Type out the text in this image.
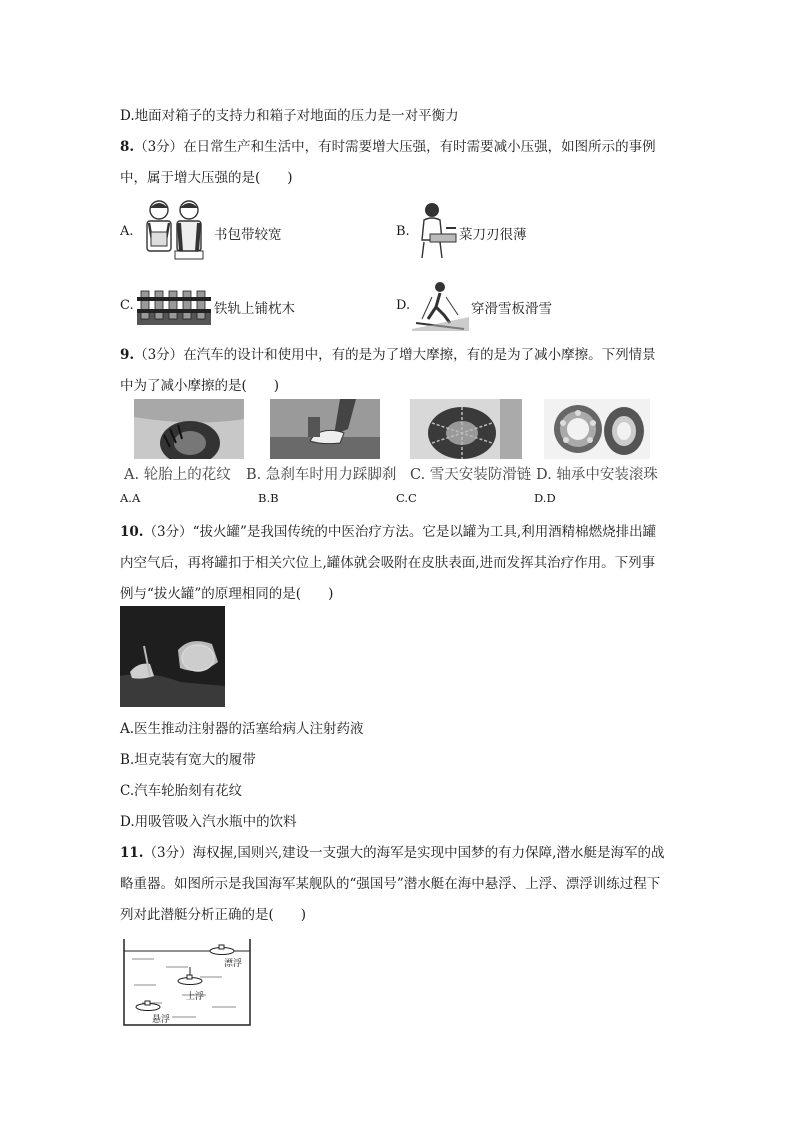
D.地面对箱子的支持力和箱子对地面的压力是一对平衡力
8.（3分）在日常生产和生活中，有时需要增大压强，有时需要减小压强，如图所示的事例
中，属于增大压强的是(　　)
A.	书包带较宽	B.	菜刀刃很薄
C.	铁轨上铺枕木	D.	穿滑雪板滑雪
9.（3分）在汽车的设计和使用中，有的是为了增大摩擦，有的是为了减小摩擦。下列情景
中为了减小摩擦的是(　　)
A. 轮胎上的花纹 B. 急刹车时用力踩脚刹 C. 雪天安装防滑链 D. 轴承中安装滚珠
A.A	B.B	C.C	D.D
10.（3分）“拔火罐”是我国传统的中医治疗方法。它是以罐为工具,利用酒精棉燃烧排出罐
内空气后，再将罐扣于相关穴位上,罐体就会吸附在皮肤表面,进而发挥其治疗作用。下列事
例与“拔火罐”的原理相同的是(　　)
A.医生推动注射器的活塞给病人注射药液
B.坦克装有宽大的履带
C.汽车轮胎刻有花纹
D.用吸管吸入汽水瓶中的饮料
11.（3分）海权握,国则兴,建设一支强大的海军是实现中国梦的有力保障,潜水艇是海军的战
略重器。如图所示是我国海军某舰队的“强国号”潜水艇在海中悬浮、上浮、漂浮训练过程下
列对此潜艇分析正确的是(　　)
漂浮
上浮
悬浮
